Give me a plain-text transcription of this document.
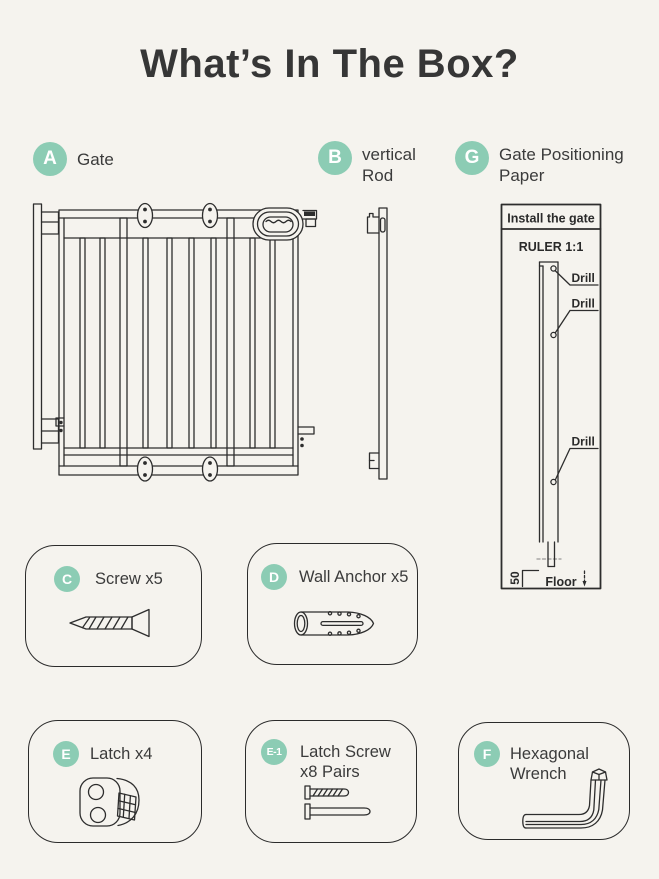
What’s In The Box?
A	Gate	B	vertical Rod
G	Gate Positioning Paper
Install the gate
RULER 1:1
Drill
Drill
Drill
50 Floor
C	Screw x5	D	Wall Anchor x5
E	Latch x4	E-1	Latch Screw x8 Pairs
F	Hexagonal Wrench
